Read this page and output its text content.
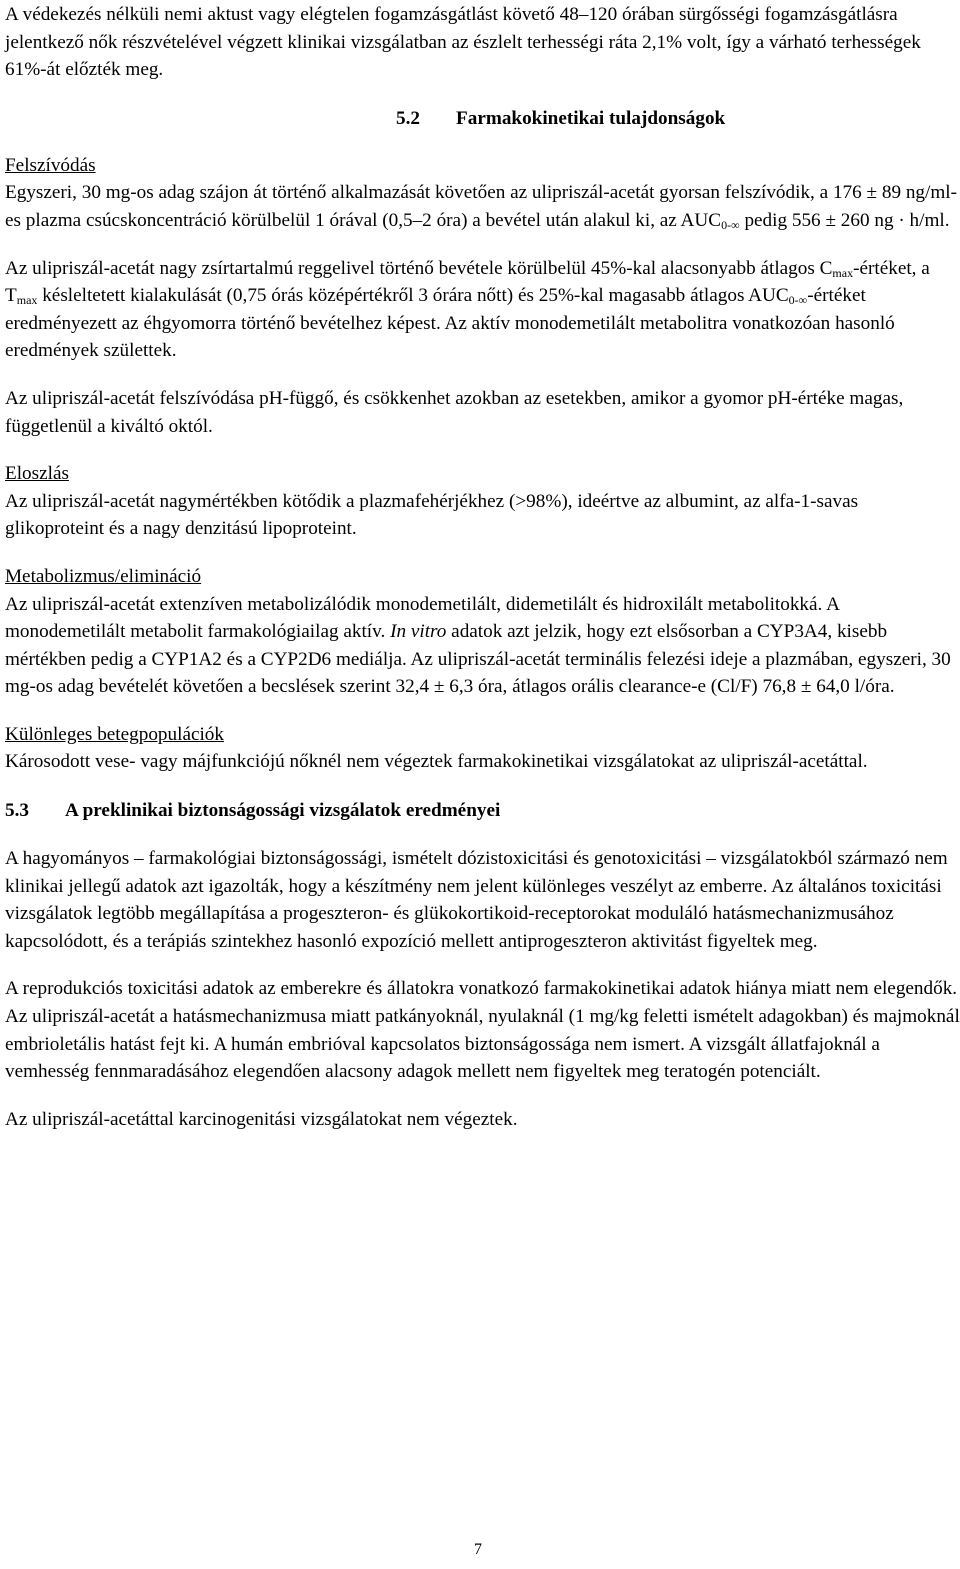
A védekezés nélküli nemi aktust vagy elégtelen fogamzásgátlást követő 48–120 órában sürgősségi fogamzásgátlásra jelentkező nők részvételével végzett klinikai vizsgálatban az észlelt terhességi ráta 2,1% volt, így a várható terhességek 61%-át előzték meg.

5.2 Farmakokinetikai tulajdonságok

Felszívódás

Egyszeri, 30 mg-os adag szájon át történő alkalmazását követően az ulipriszál-acetát gyorsan felszívódik, a 176 ± 89 ng/ml-es plazma csúcskoncentráció körülbelül 1 órával (0,5–2 óra) a bevétel után alakul ki, az $AUC_{0-\infty}$ pedig 556 ± 260 ng · h/ml.

Az ulipriszál-acetát nagy zsírtartalmú reggelivel történő bevétele körülbelül 45%-kal alacsonyabb átlagos $C_{max}$-értéket, a $T_{max}$ késleltetett kialakulását (0,75 órás középértékről 3 órára nőtt) és 25%-kal magasabb átlagos $AUC_{0-\infty}$-értéket eredményezett az éhgyomorra történő bevételhez képest. Az aktív monodemetilált metabolitra vonatkozóan hasonló eredmények születtek.

Az ulipriszál-acetát felszívódása pH-függő, és csökkenhet azokban az esetekben, amikor a gyomor pH-értéke magas, függetlenül a kiváltó októl.

Eloszlás

Az ulipriszál-acetát nagymértékben kötődik a plazmafehérjékhez (>98%), ideértve az albumint, az alfa-1-savas glikoproteint és a nagy denzitású lipoproteint.

Metabolizmus/elimináció

Az ulipriszál-acetát extenzíven metabolizálódik monodemetilált, didemetilált és hidroxilált metabolitokká. A monodemetilált metabolit farmakológiailag aktív. In vitro adatok azt jelzik, hogy ezt elsősorban a CYP3A4, kisebb mértékben pedig a CYP1A2 és a CYP2D6 mediálja. Az ulipriszál-acetát terminális felezési ideje a plazmában, egyszeri, 30 mg-os adag bevételét követően a becslések szerint 32,4 ± 6,3 óra, átlagos orális clearance-e (Cl/F) 76,8 ± 64,0 l/óra.

Különleges betegpopulációk

Károsodott vese- vagy májfunkciójú nőknél nem végeztek farmakokinetikai vizsgálatokat az ulipriszál-acetáttal.

5.3 A preklinikai biztonságossági vizsgálatok eredményei

A hagyományos – farmakológiai biztonságossági, ismételt dózistoxicitási és genotoxicitási – vizsgálatokból származó nem klinikai jellegű adatok azt igazolták, hogy a készítmény nem jelent különleges veszélyt az emberre. Az általános toxicitási vizsgálatok legtöbb megállapítása a progeszteron- és glükokortikoid-receptorokat moduláló hatásmechanizmusához kapcsolódott, és a terápiás szintekhez hasonló expozíció mellett antiprogeszteron aktivitást figyeltek meg.

A reprodukciós toxicitási adatok az emberekre és állatokra vonatkozó farmakokinetikai adatok hiánya miatt nem elegendők. Az ulipriszál-acetát a hatásmechanizmusa miatt patkányoknál, nyulaknál (1 mg/kg feletti ismételt adagokban) és majmoknál embrioletális hatást fejt ki. A humán embrióval kapcsolatos biztonságossága nem ismert. A vizsgált állatfajoknál a vemhesség fennmaradásához elegendően alacsony adagok mellett nem figyeltek meg teratogén potenciált.

Az ulipriszál-acetáttal karcinogenitási vizsgálatokat nem végeztek.

7
